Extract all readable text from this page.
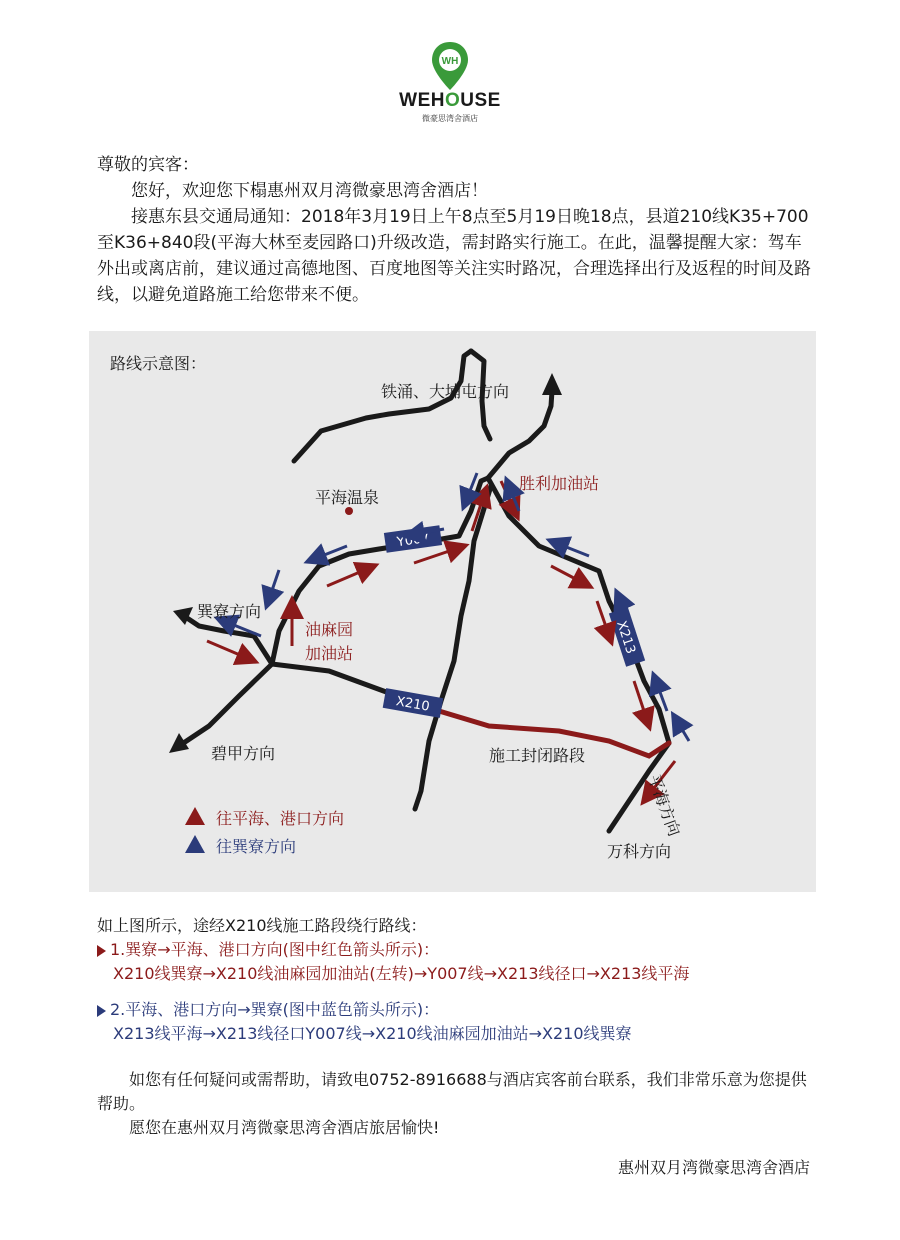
WH
WEHOUSE
微豪思湾舍酒店

尊敬的宾客：

您好，欢迎您下榻惠州双月湾微豪思湾舍酒店！

接惠东县交通局通知：2018年3月19日上午8点至5月19日晚18点，县道210线K35+700至K36+840段(平海大林至麦园路口)升级改造，需封路实行施工。在此，温馨提醒大家：驾车外出或离店前，建议通过高德地图、百度地图等关注实时路况，合理选择出行及返程的时间及路线，以避免道路施工给您带来不便。

Y007
X213
X210
路线示意图：
铁涌、大埔屯方向
胜利加油站
平海温泉
巽寮方向
油麻园
加油站
碧甲方向	施工封闭路段
平海方向
万科方向
往平海、港口方向
往巽寮方向

如上图所示，途经X210线施工路段绕行路线：

1.巽寮→平海、港口方向(图中红色箭头所示)：

X210线巽寮→X210线油麻园加油站(左转)→Y007线→X213线径口→X213线平海

2.平海、港口方向→巽寮(图中蓝色箭头所示)：

X213线平海→X213线径口Y007线→X210线油麻园加油站→X210线巽寮

如您有任何疑问或需帮助，请致电0752-8916688与酒店宾客前台联系，我们非常乐意为您提供帮助。

愿您在惠州双月湾微豪思湾舍酒店旅居愉快!

惠州双月湾微豪思湾舍酒店
